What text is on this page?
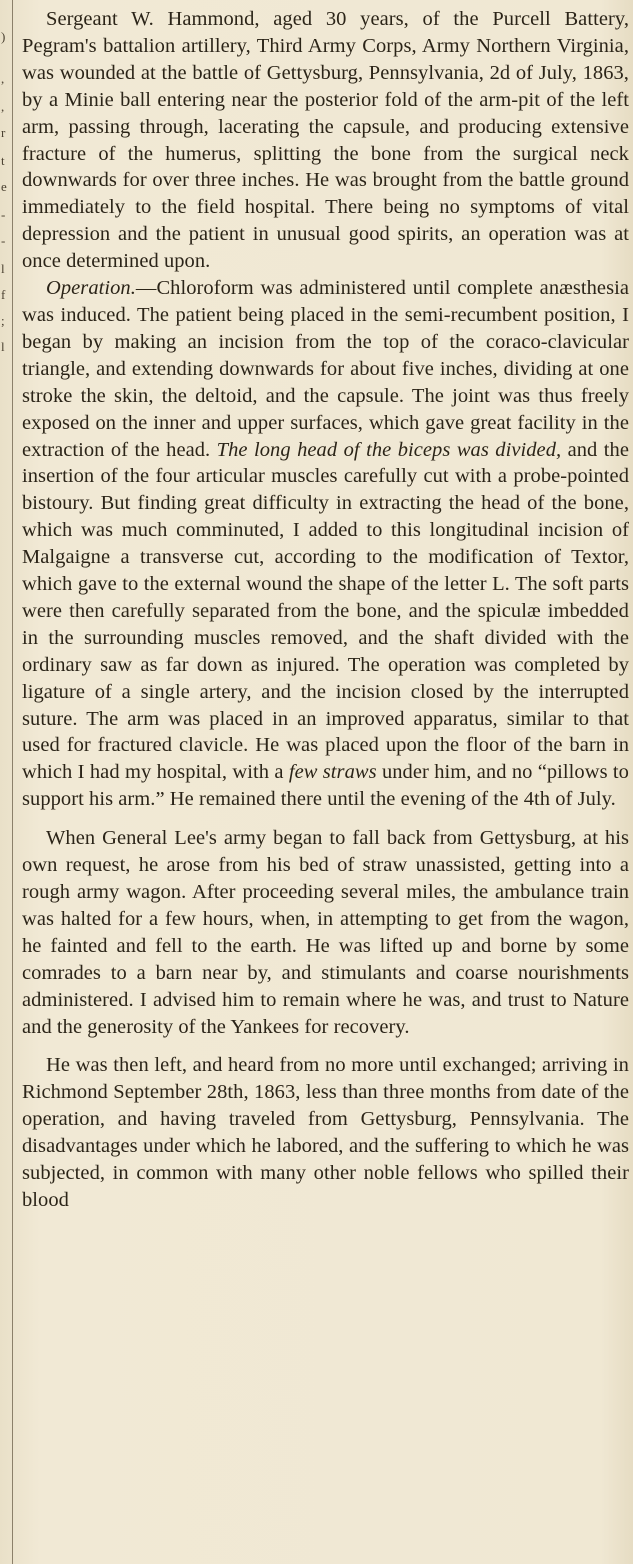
)
,
,
r
t
e
-
-
l
f
;
l

Sergeant W. Hammond, aged 30 years, of the Purcell Battery, Pegram's battalion artillery, Third Army Corps, Army Northern Virginia, was wounded at the battle of Gettysburg, Pennsylvania, 2d of July, 1863, by a Minie ball entering near the posterior fold of the arm-pit of the left arm, passing through, lacerating the capsule, and producing extensive fracture of the humerus, splitting the bone from the surgical neck downwards for over three inches. He was brought from the battle ground immediately to the field hospital. There being no symptoms of vital depression and the patient in unusual good spirits, an operation was at once determined upon.

Operation.—Chloroform was administered until complete anæsthesia was induced. The patient being placed in the semi-recumbent position, I began by making an incision from the top of the coraco-clavicular triangle, and extending downwards for about five inches, dividing at one stroke the skin, the deltoid, and the capsule. The joint was thus freely exposed on the inner and upper surfaces, which gave great facility in the extraction of the head. The long head of the biceps was divided, and the insertion of the four articular muscles carefully cut with a probe-pointed bistoury. But finding great difficulty in extracting the head of the bone, which was much comminuted, I added to this longitudinal incision of Malgaigne a transverse cut, according to the modification of Textor, which gave to the external wound the shape of the letter L. The soft parts were then carefully separated from the bone, and the spiculæ imbedded in the surrounding muscles removed, and the shaft divided with the ordinary saw as far down as injured. The operation was completed by ligature of a single artery, and the incision closed by the interrupted suture. The arm was placed in an improved apparatus, similar to that used for fractured clavicle. He was placed upon the floor of the barn in which I had my hospital, with a few straws under him, and no “pillows to support his arm.” He remained there until the evening of the 4th of July.

When General Lee's army began to fall back from Gettysburg, at his own request, he arose from his bed of straw unassisted, getting into a rough army wagon. After proceeding several miles, the ambulance train was halted for a few hours, when, in attempting to get from the wagon, he fainted and fell to the earth. He was lifted up and borne by some comrades to a barn near by, and stimulants and coarse nourishments administered. I advised him to remain where he was, and trust to Nature and the generosity of the Yankees for recovery.

He was then left, and heard from no more until exchanged; arriving in Richmond September 28th, 1863, less than three months from date of the operation, and having traveled from Gettysburg, Pennsylvania. The disadvantages under which he labored, and the suffering to which he was subjected, in common with many other noble fellows who spilled their blood
